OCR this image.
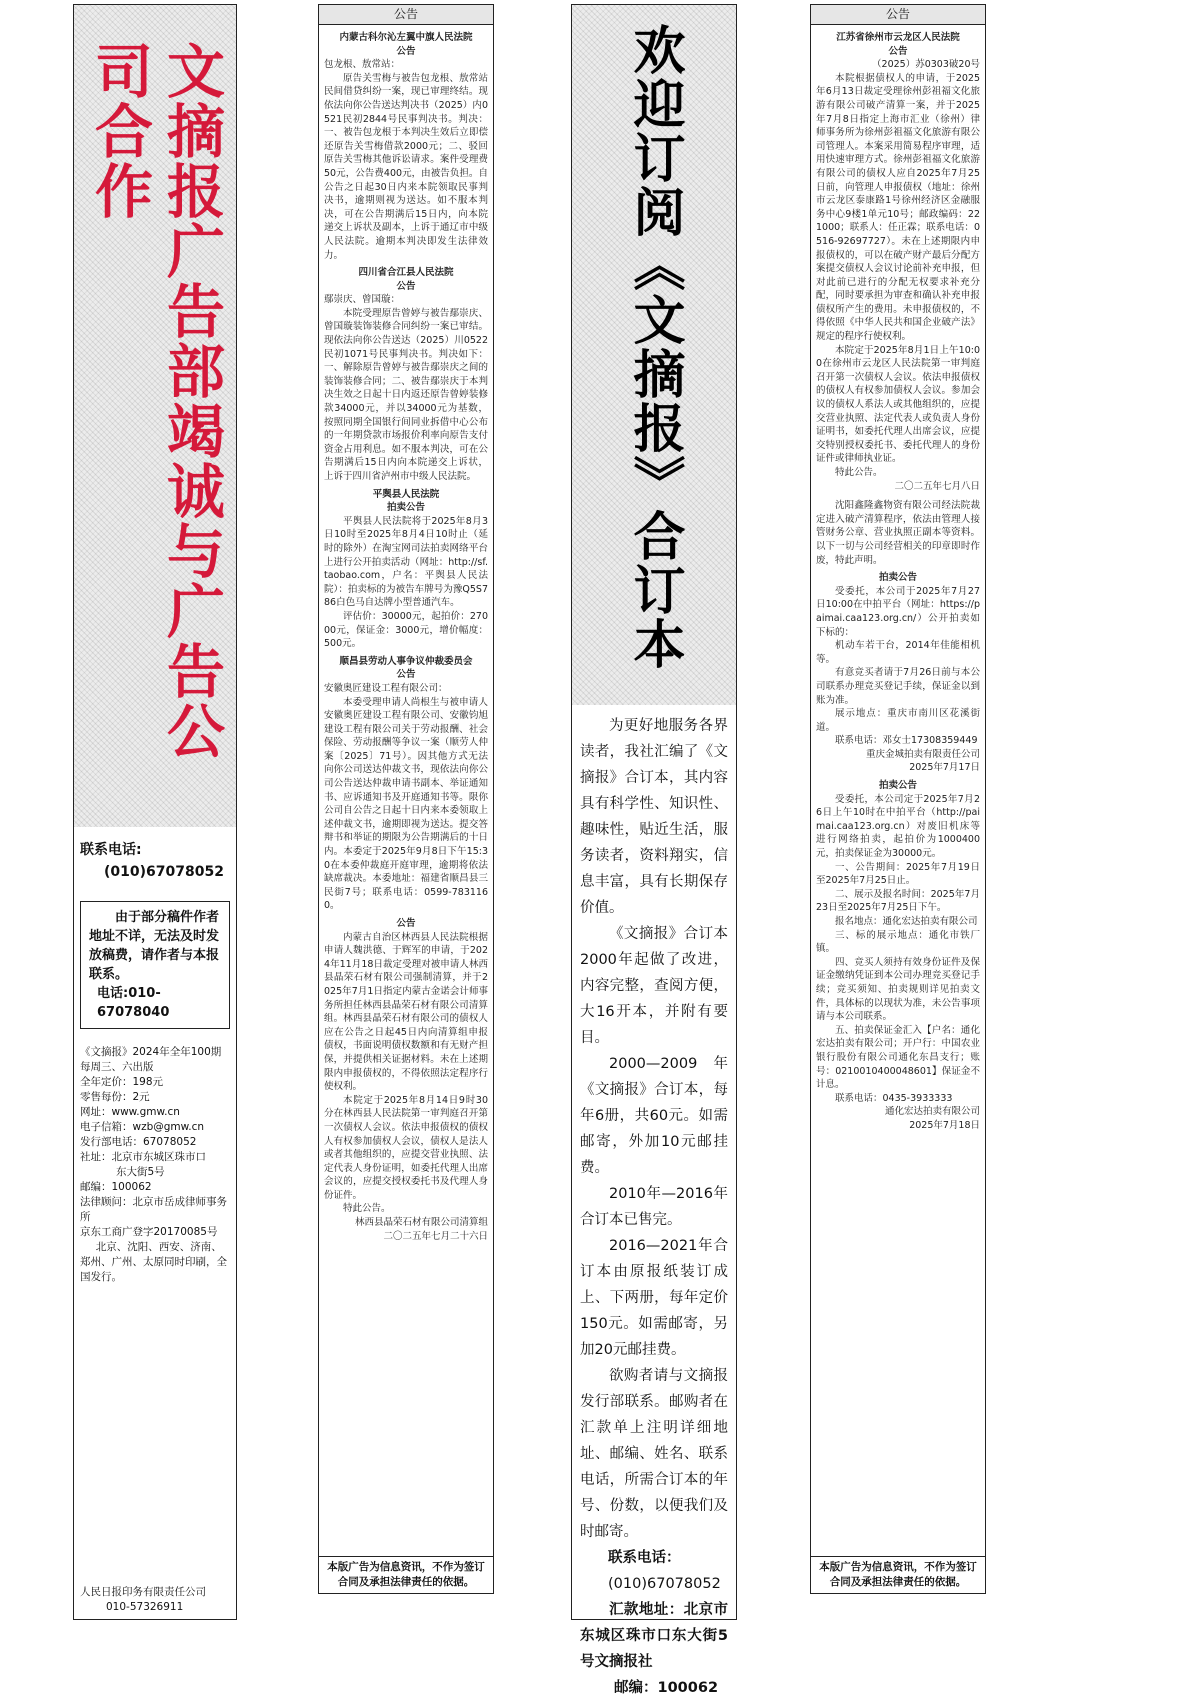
文摘报广告部竭诚与广告公司合作
联系电话:
(010)67078052
由于部分稿件作者地址不详，无法及时发放稿费，请作者与本报联系。
电话:010-67078040
《文摘报》2024年全年100期
每周三、六出版
全年定价：198元
零售每份：2元
网址：www.gmw.cn
电子信箱：wzb@gmw.cn
发行部电话：67078052
社址：北京市东城区珠市口
东大街5号
邮编：100062
法律顾问：北京市岳成律师事务所
京东工商广登字20170085号
北京、沈阳、西安、济南、郑州、广州、太原同时印刷，全国发行。
人民日报印务有限责任公司
010-57326911
公告

内蒙古科尔沁左翼中旗人民法院

公告

包龙根、敖常站：

原告关雪梅与被告包龙根、敖常站民间借贷纠纷一案，现已审理终结。现依法向你公告送达判决书（2025）内0521民初2844号民事判决书。判决：一、被告包龙根于本判决生效后立即偿还原告关雪梅借款2000元；二、驳回原告关雪梅其他诉讼请求。案件受理费50元，公告费400元，由被告负担。自公告之日起30日内来本院领取民事判决书，逾期则视为送达。如不服本判决，可在公告期满后15日内，向本院递交上诉状及副本，上诉于通辽市中级人民法院。逾期本判决即发生法律效力。

四川省合江县人民法院

公告

鄢崇庆、曾国璇：

本院受理原告曾婷与被告鄢崇庆、曾国璇装饰装修合同纠纷一案已审结。现依法向你公告送达（2025）川0522民初1071号民事判决书。判决如下：一、解除原告曾婷与被告鄢崇庆之间的装饰装修合同；二、被告鄢崇庆于本判决生效之日起十日内返还原告曾婷装修款34000元，并以34000元为基数，按照同期全国银行间同业拆借中心公布的一年期贷款市场报价利率向原告支付资金占用利息。如不服本判决，可在公告期满后15日内向本院递交上诉状，上诉于四川省泸州市中级人民法院。

平舆县人民法院

拍卖公告

平舆县人民法院将于2025年8月3日10时至2025年8月4日10时止（延时的除外）在淘宝网司法拍卖网络平台上进行公开拍卖活动（网址：http://sf.taobao.com，户名：平舆县人民法院）：拍卖标的为被告车牌号为豫Q5S786白色马自达牌小型普通汽车。

评估价：30000元，起拍价：27000元，保证金：3000元，增价幅度：500元。

顺昌县劳动人事争议仲裁委员会

公告

安徽奥匠建设工程有限公司：

本委受理申请人尚根生与被申请人安徽奥匠建设工程有限公司、安徽钧旭建设工程有限公司关于劳动报酬、社会保险、劳动报酬等争议一案（顺劳人仲案〔2025〕71号）。因其他方式无法向你公司送达仲裁文书，现依法向你公司公告送达仲裁申请书副本、举证通知书、应诉通知书及开庭通知书等。限你公司自公告之日起十日内来本委领取上述仲裁文书，逾期即视为送达。提交答辩书和举证的期限为公告期满后的十日内。本委定于2025年9月8日下午15:30在本委仲裁庭开庭审理，逾期将依法缺席裁决。本委地址：福建省顺昌县三民街7号；联系电话：0599-7831160。

公告

内蒙古自治区林西县人民法院根据申请人魏洪德、于辉军的申请，于2024年11月18日裁定受理对被申请人林西县晶荣石材有限公司强制清算，并于2025年7月1日指定内蒙古金诺会计师事务所担任林西县晶荣石材有限公司清算组。林西县晶荣石材有限公司的债权人应在公告之日起45日内向清算组申报债权，书面说明债权数额和有无财产担保，并提供相关证据材料。未在上述期限内申报债权的，不得依照法定程序行使权利。

本院定于2025年8月14日9时30分在林西县人民法院第一审判庭召开第一次债权人会议。依法申报债权的债权人有权参加债权人会议，债权人是法人或者其他组织的，应提交营业执照、法定代表人身份证明，如委托代理人出席会议的，应提交授权委托书及代理人身份证件。

特此公告。

林西县晶荣石材有限公司清算组

二〇二五年七月二十六日

本版广告为信息资讯，不作为签订合同及承担法律责任的依据。
欢迎订阅《文摘报》合订本

为更好地服务各界读者，我社汇编了《文摘报》合订本，其内容具有科学性、知识性、趣味性，贴近生活，服务读者，资料翔实，信息丰富，具有长期保存价值。

《文摘报》合订本2000年起做了改进，内容完整，查阅方便，大16开本，并附有要目。

2000—2009年《文摘报》合订本，每年6册，共60元。如需邮寄，外加10元邮挂费。

2010年—2016年合订本已售完。

2016—2021年合订本由原报纸装订成上、下两册，每年定价150元。如需邮寄，另加20元邮挂费。

欲购者请与文摘报发行部联系。邮购者在汇款单上注明详细地址、邮编、姓名、联系电话，所需合订本的年号、份数，以便我们及时邮寄。

联系电话：
(010)67078052
汇款地址：北京市东城区珠市口东大街5号文摘报社
邮编：100062
公告

江苏省徐州市云龙区人民法院

公告

（2025）苏0303破20号

本院根据债权人的申请，于2025年6月13日裁定受理徐州彭祖福文化旅游有限公司破产清算一案，并于2025年7月8日指定上海市汇业（徐州）律师事务所为徐州彭祖福文化旅游有限公司管理人。本案采用简易程序审理，适用快速审理方式。徐州彭祖福文化旅游有限公司的债权人应自2025年7月25日前，向管理人申报债权（地址：徐州市云龙区泰康路1号徐州经济区金融服务中心9楼1单元10号；邮政编码：221000；联系人：任正霖；联系电话：0516-92697727）。未在上述期限内申报债权的，可以在破产财产最后分配方案提交债权人会议讨论前补充申报，但对此前已进行的分配无权要求补充分配，同时要承担为审查和确认补充申报债权所产生的费用。未申报债权的，不得依照《中华人民共和国企业破产法》规定的程序行使权利。

本院定于2025年8月1日上午10:00在徐州市云龙区人民法院第一审判庭召开第一次债权人会议。依法申报债权的债权人有权参加债权人会议。参加会议的债权人系法人或其他组织的，应提交营业执照、法定代表人或负责人身份证明书，如委托代理人出席会议，应提交特别授权委托书、委托代理人的身份证件或律师执业证。

特此公告。

二〇二五年七月八日

沈阳鑫隆鑫物资有限公司经法院裁定进入破产清算程序，依法由管理人接管财务公章、营业执照正副本等资料。以下一切与公司经营相关的印章即时作废，特此声明。

拍卖公告

受委托，本公司于2025年7月27日10:00在中拍平台（网址：https://paimai.caa123.org.cn/）公开拍卖如下标的：

机动车若干台，2014年佳能相机等。

有意竞买者请于7月26日前与本公司联系办理竞买登记手续，保证金以到账为准。

展示地点：重庆市南川区花溪街道。

联系电话：邓女士17308359449

重庆金城拍卖有限责任公司

2025年7月17日

拍卖公告

受委托，本公司定于2025年7月26日上午10时在中拍平台（http://paimai.caa123.org.cn）对废旧机床等进行网络拍卖，起拍价为1000400元，拍卖保证金为30000元。

一、公告期间：2025年7月19日至2025年7月25日止。

二、展示及报名时间：2025年7月23日至2025年7月25日下午。

报名地点：通化宏达拍卖有限公司

三、标的展示地点：通化市铁厂镇。

四、竞买人须持有效身份证件及保证金缴纳凭证到本公司办理竞买登记手续；竞买须知、拍卖规则详见拍卖文件，具体标的以现状为准，未公告事项请与本公司联系。

五、拍卖保证金汇入【户名：通化宏达拍卖有限公司；开户行：中国农业银行股份有限公司通化东昌支行；账号：0210010400048601】保证金不计息。

联系电话：0435-3933333

通化宏达拍卖有限公司

2025年7月18日

本版广告为信息资讯，不作为签订合同及承担法律责任的依据。
